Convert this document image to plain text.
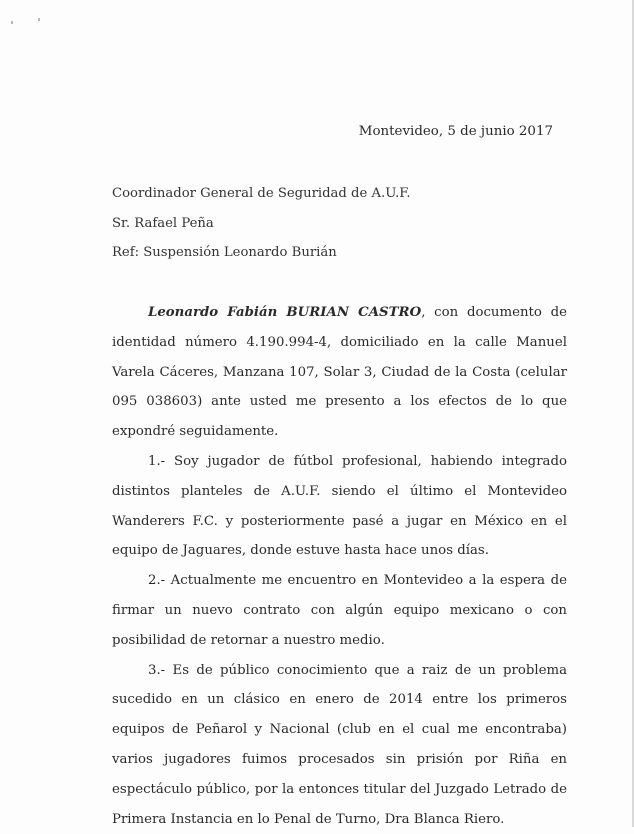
Montevideo, 5 de junio 2017
Coordinador General de Seguridad de A.U.F.
Sr. Rafael Peña
Ref: Suspensión Leonardo Burián

Leonardo Fabián BURIAN CASTRO, con documento de identidad número 4.190.994-4, domiciliado en la calle Manuel Varela Cáceres, Manzana 107, Solar 3, Ciudad de la Costa (celular 095 038603) ante usted me presento a los efectos de lo que expondré seguidamente.

1.- Soy jugador de fútbol profesional, habiendo integrado distintos planteles de A.U.F. siendo el último el Montevideo Wanderers F.C. y posteriormente pasé a jugar en México en el equipo de Jaguares, donde estuve hasta hace unos días.

2.- Actualmente me encuentro en Montevideo a la espera de firmar un nuevo contrato con algún equipo mexicano o con posibilidad de retornar a nuestro medio.

3.- Es de público conocimiento que a raiz de un problema sucedido en un clásico en enero de 2014 entre los primeros equipos de Peñarol y Nacional (club en el cual me encontraba) varios jugadores fuimos procesados sin prisión por Riña en espectáculo público, por la entonces titular del Juzgado Letrado de Primera Instancia en lo Penal de Turno, Dra Blanca Riero.
